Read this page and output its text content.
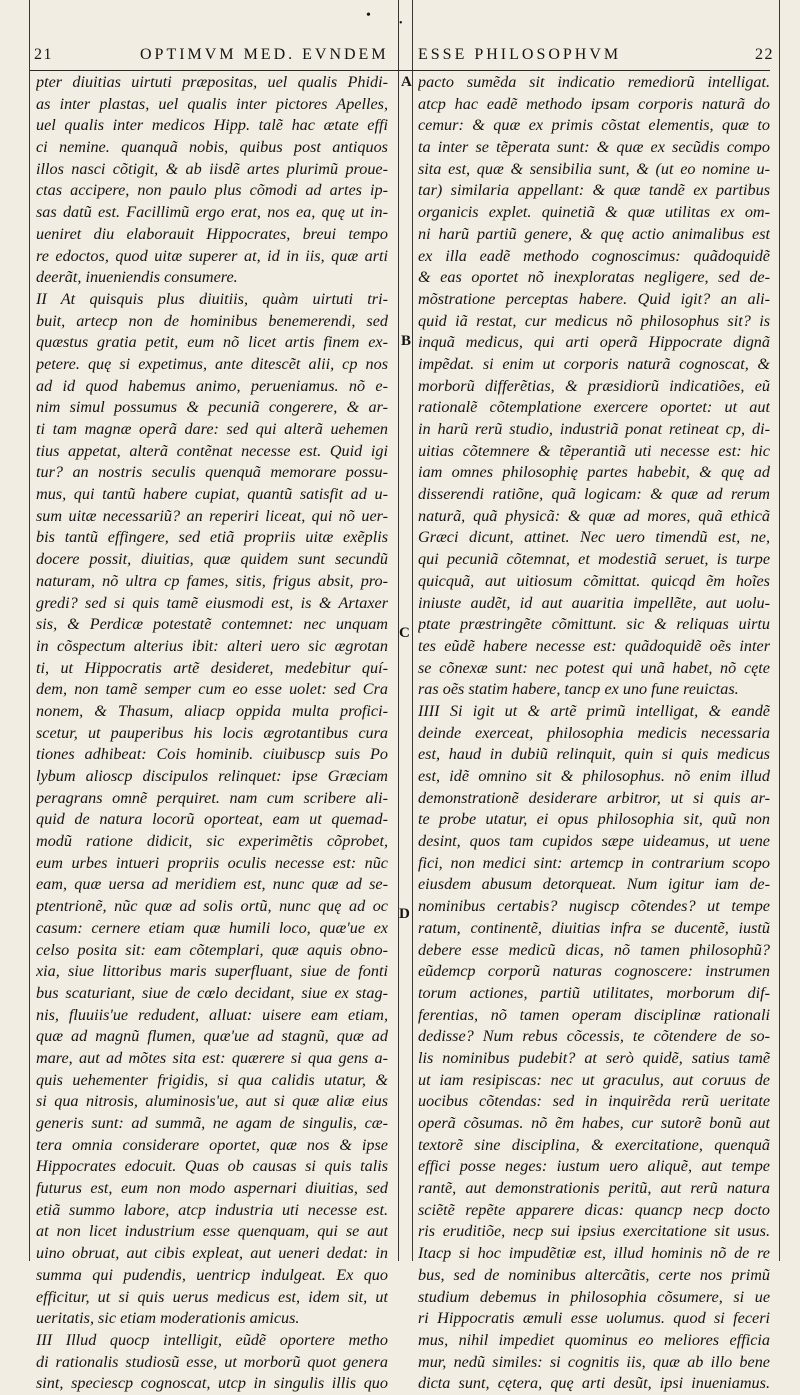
•
•
21	OPTIMVM MED. EVNDEM ESSE PHILOSOPHVM	22
A
B
C
D
pter diuitias uirtuti præpositas, uel qualis Phidi-
as inter plastas, uel qualis inter pictores Apelles,
uel qualis inter medicos Hipp. talẽ hac ætate effi
ci nemine. quanquã nobis, quibus post antiquos
illos nasci cõtigit, & ab iisdẽ artes plurimũ proue-
ctas accipere, non paulo plus cõmodi ad artes ip-
sas datũ est. Facillimũ ergo erat, nos ea, quę ut in-
ueniret diu elaborauit Hippocrates, breui tempo
re edoctos, quod uitæ superer at, id in iis, quæ arti
deerãt, inueniendis consumere.
II At quisquis plus diuitiis, quàm uirtuti tri-
buit, artecp non de hominibus benemerendi, sed
quæstus gratia petit, eum nõ licet artis finem ex-
petere. quę si expetimus, ante ditescẽt alii, cp nos
ad id quod habemus animo, perueniamus. nõ e-
nim simul possumus & pecuniã congerere, & ar-
ti tam magnæ operã dare: sed qui alterã uehemen
tius appetat, alterã contẽnat necesse est. Quid igi
tur? an nostris seculis quenquã memorare possu-
mus, qui tantũ habere cupiat, quantũ satisfit ad u-
sum uitæ necessariũ? an reperiri liceat, qui nõ uer-
bis tantũ effingere, sed etiã propriis uitæ exẽplis
docere possit, diuitias, quæ quidem sunt secundũ
naturam, nõ ultra cp fames, sitis, frigus absit, pro-
gredi? sed si quis tamẽ eiusmodi est, is & Artaxer
sis, & Perdicæ potestatẽ contemnet: nec unquam
in cõspectum alterius ibit: alteri uero sic ægrotan
ti, ut Hippocratis artẽ desideret, medebitur quí-
dem, non tamẽ semper cum eo esse uolet: sed Cra
nonem, & Thasum, aliacp oppida multa profici-
scetur, ut pauperibus his locis ægrotantibus cura
tiones adhibeat: Cois hominib. ciuibuscp suis Po
lybum alioscp discipulos relinquet: ipse Græciam
peragrans omnẽ perquiret. nam cum scribere ali-
quid de natura locorũ oporteat, eam ut quemad-
modũ ratione didicit, sic experimẽtis cõprobet,
eum urbes intueri propriis oculis necesse est: nũc
eam, quæ uersa ad meridiem est, nunc quæ ad se-
ptentrionẽ, nũc quæ ad solis ortũ, nunc quę ad oc
casum: cernere etiam quæ humili loco, quæ'ue ex
celso posita sit: eam cõtemplari, quæ aquis obno-
xia, siue littoribus maris superfluant, siue de fonti
bus scaturiant, siue de cœlo decidant, siue ex stag-
nis, fluuiis'ue redudent, alluat: uisere eam etiam,
quæ ad magnũ flumen, quæ'ue ad stagnũ, quæ ad
mare, aut ad mõtes sita est: quærere si qua gens a-
quis uehementer frigidis, si qua calidis utatur, &
si qua nitrosis, aluminosis'ue, aut si quæ aliæ eius
generis sunt: ad summã, ne agam de singulis, cæ-
tera omnia considerare oportet, quæ nos & ipse
Hippocrates edocuit. Quas ob causas si quis talis
futurus est, eum non modo aspernari diuitias, sed
etiã summo labore, atcp industria uti necesse est.
at non licet industrium esse quenquam, qui se aut
uino obruat, aut cibis expleat, aut ueneri dedat: in
summa qui pudendis, uentricp indulgeat. Ex quo
efficitur, ut si quis uerus medicus est, idem sit, ut
ueritatis, sic etiam moderationis amicus.
III Illud quocp intelligit, eũdẽ oportere metho
di rationalis studiosũ esse, ut morborũ quot genera
sint, speciescp cognoscat, utcp in singulis illis quo
pacto sumẽda sit indicatio remediorũ intelligat.
atcp hac eadẽ methodo ipsam corporis naturã do
cemur: & quæ ex primis cõstat elementis, quæ to
ta inter se tẽperata sunt: & quæ ex secũdis compo
sita est, quæ & sensibilia sunt, & (ut eo nomine u-
tar) similaria appellant: & quæ tandẽ ex partibus
organicis explet. quinetiã & quæ utilitas ex om-
ni harũ partiũ genere, & quę actio animalibus est
ex illa eadẽ methodo cognoscimus: quãdoquidẽ
& eas oportet nõ inexploratas negligere, sed de-
mõstratione perceptas habere. Quid igit? an ali-
quid iã restat, cur medicus nõ philosophus sit? is
inquã medicus, qui arti operã Hippocrate dignã
impẽdat. si enim ut corporis naturã cognoscat, &
morborũ differẽtias, & præsidiorũ indicatiões, eũ
rationalẽ cõtemplatione exercere oportet: ut aut
in harũ rerũ studio, industriã ponat retineat cp, di-
uitias cõtemnere & tẽperantiã uti necesse est: hic
iam omnes philosophię partes habebit, & quę ad
disserendi ratiõne, quã logicam: & quæ ad rerum
naturã, quã physicã: & quæ ad mores, quã ethicã
Græci dicunt, attinet. Nec uero timendũ est, ne,
qui pecuniã cõtemnat, et modestiã seruet, is turpe
quicquã, aut uitiosum cõmittat. quicqd ẽm hoĩes
iniuste audẽt, id aut auaritia impellẽte, aut uolu-
ptate præstringẽte cõmittunt. sic & reliquas uirtu
tes eũdẽ habere necesse est: quãdoquidẽ oẽs inter
se cõnexæ sunt: nec potest qui unã habet, nõ cęte
ras oẽs statim habere, tancp ex uno fune reuictas.
IIII Si igit ut & artẽ primũ intelligat, & eandẽ
deinde exerceat, philosophia medicis necessaria
est, haud in dubiũ relinquit, quin si quis medicus
est, idẽ omnino sit & philosophus. nõ enim illud
demonstrationẽ desiderare arbitror, ut si quis ar-
te probe utatur, ei opus philosophia sit, quũ non
desint, quos tam cupidos sæpe uideamus, ut uene
fici, non medici sint: artemcp in contrarium scopo
eiusdem abusum detorqueat. Num igitur iam de-
nominibus certabis? nugiscp cõtendes? ut tempe
ratum, continentẽ, diuitias infra se ducentẽ, iustũ
debere esse medicũ dicas, nõ tamen philosophũ?
eũdemcp corporũ naturas cognoscere: instrumen
torum actiones, partiũ utilitates, morborum dif-
ferentias, nõ tamen operam disciplinæ rationali
dedisse? Num rebus cõcessis, te cõtendere de so-
lis nominibus pudebit? at serò quidẽ, satius tamẽ
ut iam resipiscas: nec ut graculus, aut coruus de
uocibus cõtendas: sed in inquirẽda rerũ ueritate
operã cõsumas. nõ ẽm habes, cur sutorẽ bonũ aut
textorẽ sine disciplina, & exercitatione, quenquã
effici posse neges: iustum uero aliquẽ, aut tempe
rantẽ, aut demonstrationis peritũ, aut rerũ natura
sciẽtẽ repẽte apparere dicas: quancp necp docto
ris eruditiõe, necp sui ipsius exercitatione sit usus.
Itacp si hoc impudẽtiæ est, illud hominis nõ de re
bus, sed de nominibus altercãtis, certe nos primũ
studium debemus in philosophia cõsumere, si ue
ri Hippocratis æmuli esse uolumus. quod si feceri
mus, nihil impediet quominus eo meliores efficia
mur, nedũ similes: si cognitis iis, quæ ab illo bene
dicta sunt, cętera, quę arti desũt, ipsi inueniamus.
